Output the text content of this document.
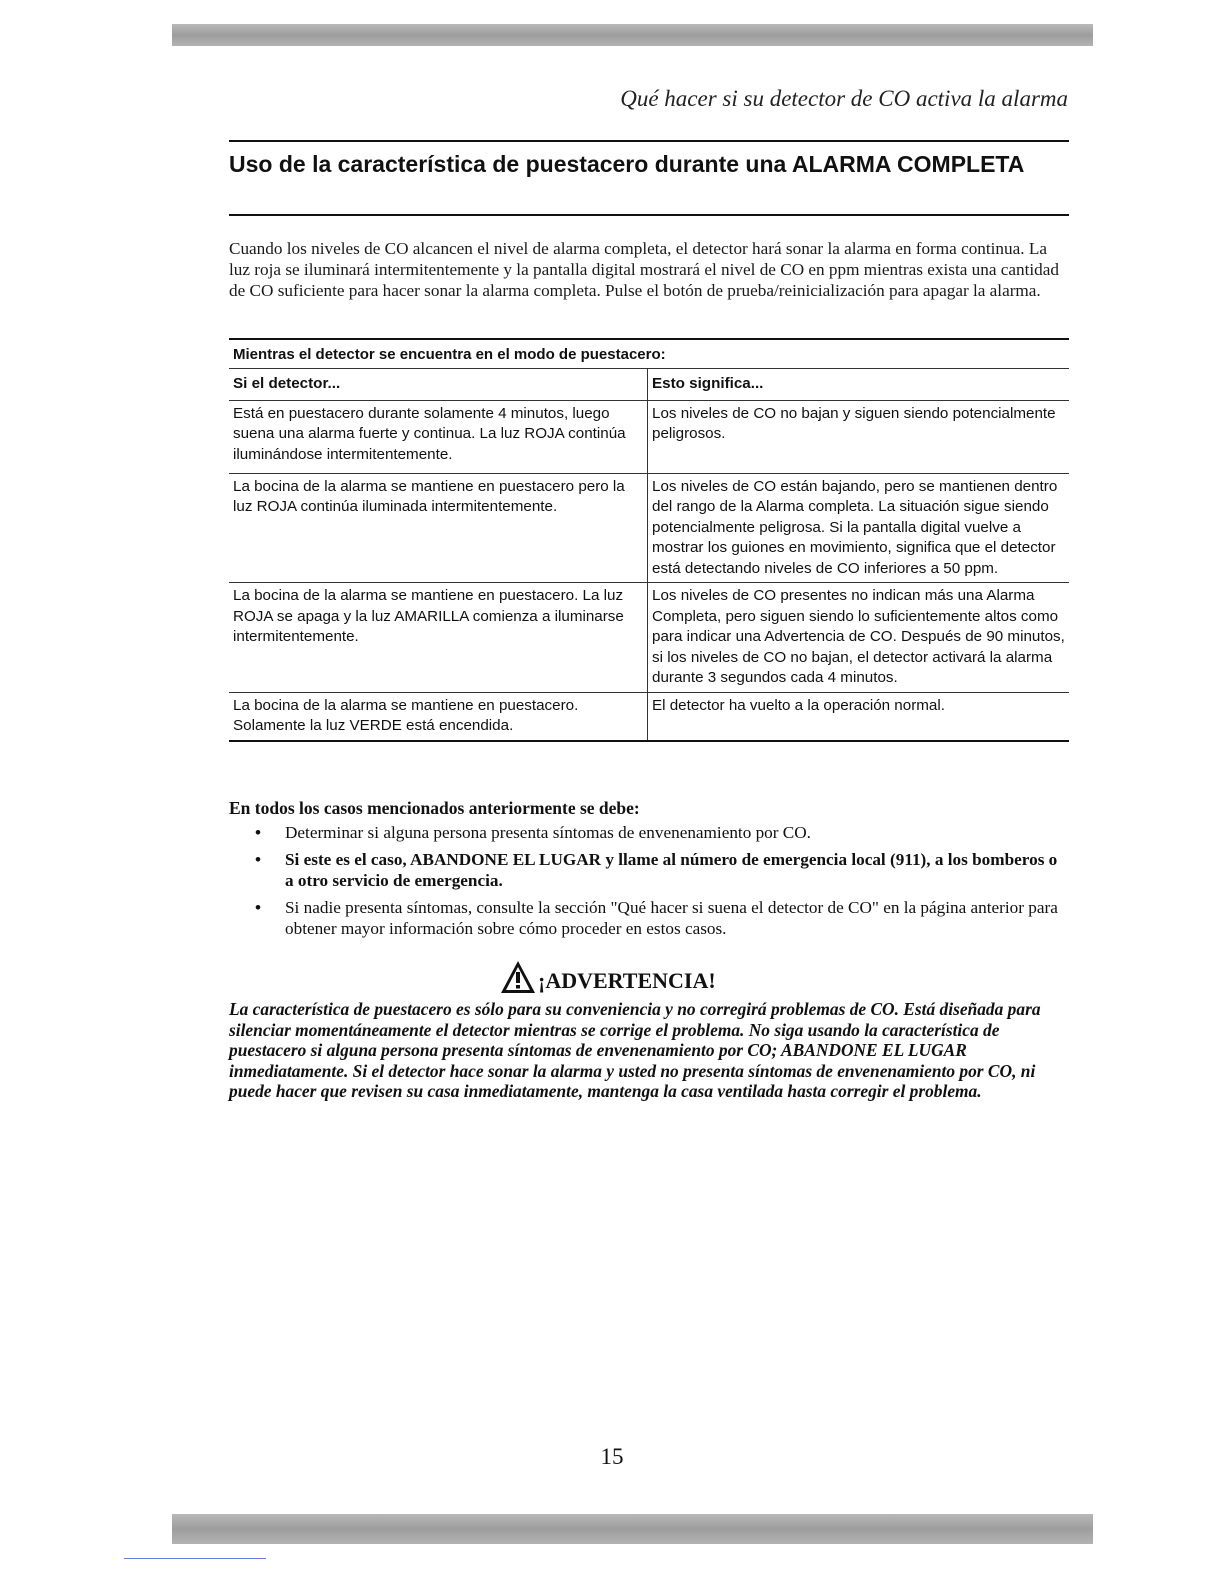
Qué hacer si su detector de CO activa la alarma
Uso de la característica de puestacero durante una ALARMA COMPLETA

Cuando los niveles de CO alcancen el nivel de alarma completa, el detector hará sonar la alarma en forma continua. La luz roja se iluminará intermitentemente y la pantalla digital mostrará el nivel de CO en ppm mientras exista una cantidad de CO suficiente para hacer sonar la alarma completa. Pulse el botón de prueba/reinicialización para apagar la alarma.

Mientras el detector se encuentra en el modo de puestacero:
Si el detector...	Esto significa...
Está en puestacero durante solamente 4 minutos, luego suena una alarma fuerte y continua. La luz ROJA continúa iluminándose intermitentemente.	Los niveles de CO no bajan y siguen siendo potencialmente peligrosos.
La bocina de la alarma se mantiene en puestacero pero la luz ROJA continúa iluminada intermitentemente.	Los niveles de CO están bajando, pero se mantienen dentro del rango de la Alarma completa. La situación sigue siendo potencialmente peligrosa. Si la pantalla digital vuelve a mostrar los guiones en movimiento, significa que el detector está detectando niveles de CO inferiores a 50 ppm.
La bocina de la alarma se mantiene en puestacero. La luz ROJA se apaga y la luz AMARILLA comienza a iluminarse intermitentemente.	Los niveles de CO presentes no indican más una Alarma Completa, pero siguen siendo lo suficientemente altos como para indicar una Advertencia de CO. Después de 90 minutos, si los niveles de CO no bajan, el detector activará la alarma durante 3 segundos cada 4 minutos.
La bocina de la alarma se mantiene en puestacero. Solamente la luz VERDE está encendida.	El detector ha vuelto a la operación normal.
En todos los casos mencionados anteriormente se debe:
• Determinar si alguna persona presenta síntomas de envenenamiento por CO.
• Si este es el caso, ABANDONE EL LUGAR y llame al número de emergencia local (911), a los bomberos o a otro servicio de emergencia.
• Si nadie presenta síntomas, consulte la sección "Qué hacer si suena el detector de CO" en la página anterior para obtener mayor información sobre cómo proceder en estos casos.
¡ADVERTENCIA!

La característica de puestacero es sólo para su conveniencia y no corregirá problemas de CO. Está diseñada para silenciar momentáneamente el detector mientras se corrige el problema. No siga usando la característica de puestacero si alguna persona presenta síntomas de envenenamiento por CO; ABANDONE EL LUGAR inmediatamente. Si el detector hace sonar la alarma y usted no presenta síntomas de envenenamiento por CO, ni puede hacer que revisen su casa inmediatamente, mantenga la casa ventilada hasta corregir el problema.

15
